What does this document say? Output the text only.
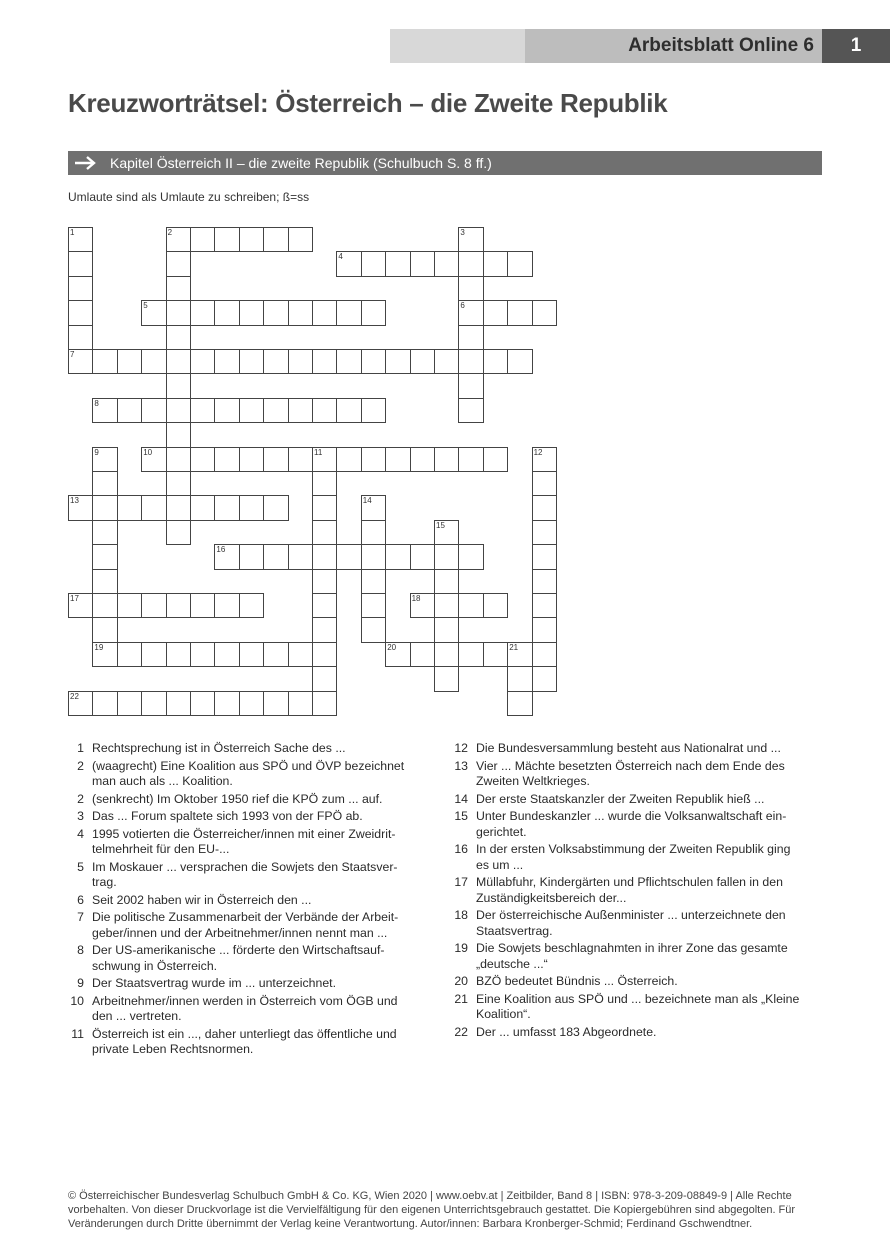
Arbeitsblatt Online 6	1
Kreuzworträtsel: Österreich – die Zweite Republik
Kapitel Österreich II – die zweite Republik (Schulbuch S. 8 ff.)
Umlaute sind als Umlaute zu schreiben; ß=ss
1
7
2	3
6
4
5
8
9
19
10	11	12
13	14
15
16
17	18
20	21
22
1 Rechtsprechung ist in Österreich Sache des ...
2 (waagrecht) Eine Koalition aus SPÖ und ÖVP bezeichnet man auch als ... Koalition.
2 (senkrecht) Im Oktober 1950 rief die KPÖ zum ... auf.
3 Das ... Forum spaltete sich 1993 von der FPÖ ab.
4 1995 votierten die Österreicher/innen mit einer Zweidrittelmehrheit für den EU-...
5 Im Moskauer ... versprachen die Sowjets den Staatsvertrag.
6 Seit 2002 haben wir in Österreich den ...
7 Die politische Zusammenarbeit der Verbände der Arbeitgeber/innen und der Arbeitnehmer/innen nennt man ...
8 Der US-amerikanische ... förderte den Wirtschaftsaufschwung in Österreich.
9 Der Staatsvertrag wurde im ... unterzeichnet.
10 Arbeitnehmer/innen werden in Österreich vom ÖGB und den ... vertreten.
11 Österreich ist ein ..., daher unterliegt das öffentliche und private Leben Rechtsnormen.
12 Die Bundesversammlung besteht aus Nationalrat und ...
13 Vier ... Mächte besetzten Österreich nach dem Ende des Zweiten Weltkrieges.
14 Der erste Staatskanzler der Zweiten Republik hieß ...
15 Unter Bundeskanzler ... wurde die Volksanwaltschaft eingerichtet.
16 In der ersten Volksabstimmung der Zweiten Republik ging es um ...
17 Müllabfuhr, Kindergärten und Pflichtschulen fallen in den Zuständigkeitsbereich der...
18 Der österreichische Außenminister ... unterzeichnete den Staatsvertrag.
19 Die Sowjets beschlagnahmten in ihrer Zone das gesamte „deutsche ...“
20 BZÖ bedeutet Bündnis ... Österreich.
21 Eine Koalition aus SPÖ und ... bezeichnete man als „Kleine Koalition“.
22 Der ... umfasst 183 Abgeordnete.
© Österreichischer Bundesverlag Schulbuch GmbH & Co. KG, Wien 2020 | www.oebv.at | Zeitbilder, Band 8 | ISBN: 978-3-209-08849-9 | Alle Rechte vorbehalten. Von dieser Druckvorlage ist die Vervielfältigung für den eigenen Unterrichtsgebrauch gestattet. Die Kopiergebühren sind abgegolten. Für Veränderungen durch Dritte übernimmt der Verlag keine Verantwortung. Autor/innen: Barbara Kronberger-Schmid; Ferdinand Gschwendtner.
